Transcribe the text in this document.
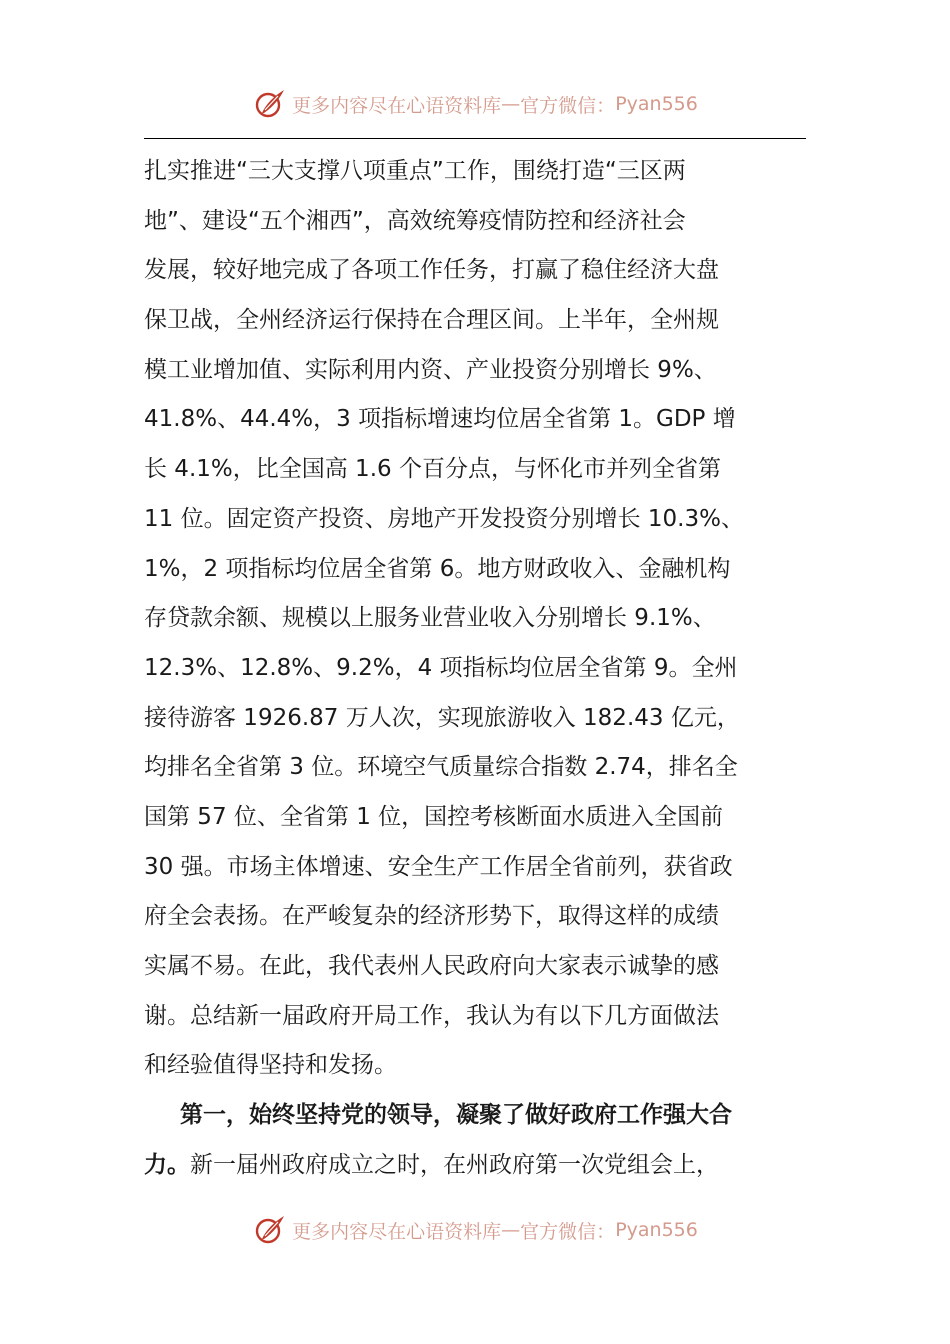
更多内容尽在心语资料库 — 官方微信： Pyan556
扎实推进“三大支撑八项重点”工作，围绕打造“三区两
地”、建设“五个湘西”，高效统筹疫情防控和经济社会
发展，较好地完成了各项工作任务，打赢了稳住经济大盘
保卫战，全州经济运行保持在合理区间。上半年，全州规
模工业增加值、实际利用内资、产业投资分别增长 9%、
41.8%、44.4%，3 项指标增速均位居全省第 1。GDP 增
长 4.1%，比全国高 1.6 个百分点，与怀化市并列全省第
11 位。固定资产投资、房地产开发投资分别增长 10.3%、
1%，2 项指标均位居全省第 6。地方财政收入、金融机构
存贷款余额、规模以上服务业营业收入分别增长 9.1%、
12.3%、12.8%、9.2%，4 项指标均位居全省第 9。全州
接待游客 1926.87 万人次，实现旅游收入 182.43 亿元，
均排名全省第 3 位。环境空气质量综合指数 2.74，排名全
国第 57 位、全省第 1 位，国控考核断面水质进入全国前
30 强。市场主体增速、安全生产工作居全省前列，获省政
府全会表扬。在严峻复杂的经济形势下，取得这样的成绩
实属不易。在此，我代表州人民政府向大家表示诚挚的感
谢。总结新一届政府开局工作，我认为有以下几方面做法
和经验值得坚持和发扬。
第一，始终坚持党的领导，凝聚了做好政府工作强大合
力。新一届州政府成立之时，在州政府第一次党组会上，
更多内容尽在心语资料库 — 官方微信： Pyan556
